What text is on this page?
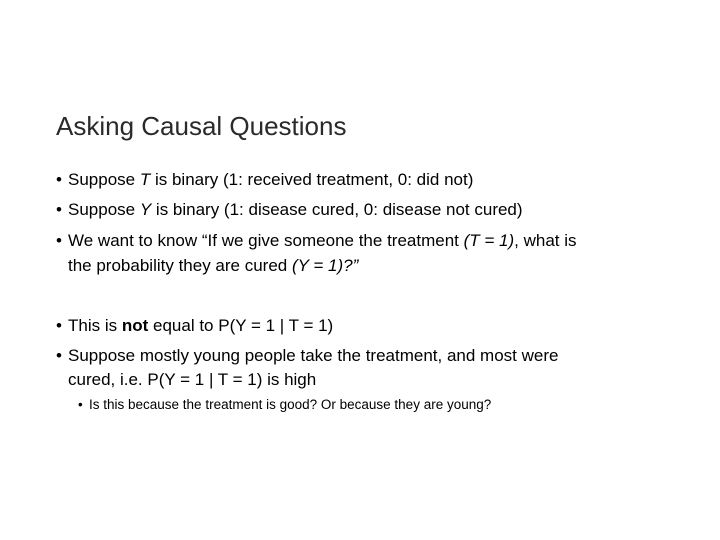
Asking Causal Questions
• Suppose T is binary (1: received treatment, 0: did not)
• Suppose Y is binary (1: disease cured, 0: disease not cured)
• We want to know “If we give someone the treatment (T = 1), what is
the probability they are cured (Y = 1)?”
• This is not equal to P(Y = 1 | T = 1)
• Suppose mostly young people take the treatment, and most were
cured, i.e. P(Y = 1 | T = 1) is high
• Is this because the treatment is good? Or because they are young?
